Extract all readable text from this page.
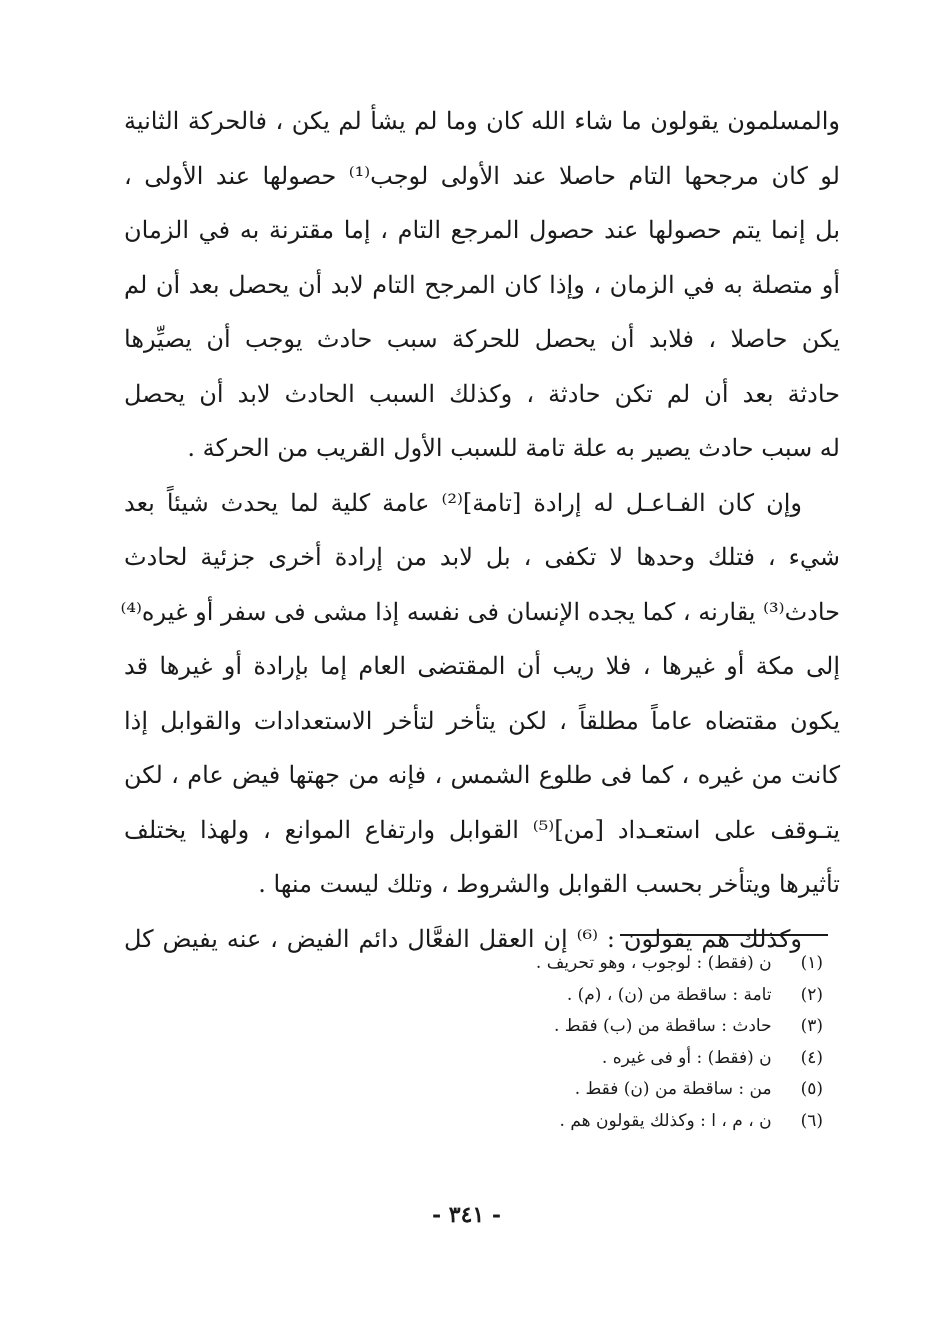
والمسلمون يقولون ما شاء الله كان وما لم يشأ لم يكن ، فالحركة الثانية
لو كان مرجحها التام حاصلا عند الأولى لوجب⁽¹⁾ حصولها عند الأولى ،
بل إنما يتم حصولها عند حصول المرجع التام ، إما مقترنة به في الزمان
أو متصلة به في الزمان ، وإذا كان المرجح التام لابد أن يحصل بعد أن لم
يكن حاصلا ، فلابد أن يحصل للحركة سبب حادث يوجب أن يصيِّرها
حادثة بعد أن لم تكن حادثة ، وكذلك السبب الحادث لابد أن يحصل
له سبب حادث يصير به علة تامة للسبب الأول القريب من الحركة .
وإن كان الفـاعـل له إرادة [تامة]⁽²⁾ عامة كلية لما يحدث شيئاً بعد
شيء ، فتلك وحدها لا تكفى ، بل لابد من إرادة أخرى جزئية لحادث
حادث⁽³⁾ يقارنه ، كما يجده الإنسان فى نفسه إذا مشى فى سفر أو غيره⁽⁴⁾
إلى مكة أو غيرها ، فلا ريب أن المقتضى العام إما بإرادة أو غيرها قد
يكون مقتضاه عاماً مطلقاً ، لكن يتأخر لتأخر الاستعدادات والقوابل إذا
كانت من غيره ، كما فى طلوع الشمس ، فإنه من جهتها فيض عام ، لكن
يتـوقف على استعـداد [من]⁽⁵⁾ القوابل وارتفاع الموانع ، ولهذا يختلف
تأثيرها ويتأخر بحسب القوابل والشروط ، وتلك ليست منها .
وكذلك هم يقولون : ⁽⁶⁾ إن العقل الفعَّال دائم الفيض ، عنه يفيض كل
(١) ن (فقط) : لوجوب ، وهو تحريف .
(٢) تامة : ساقطة من (ن) ، (م) .
(٣) حادث : ساقطة من (ب) فقط .
(٤) ن (فقط) : أو فى غيره .
(٥) من : ساقطة من (ن) فقط .
(٦) ن ، م ، ا : وكذلك يقولون هم .
- ٣٤١ -
